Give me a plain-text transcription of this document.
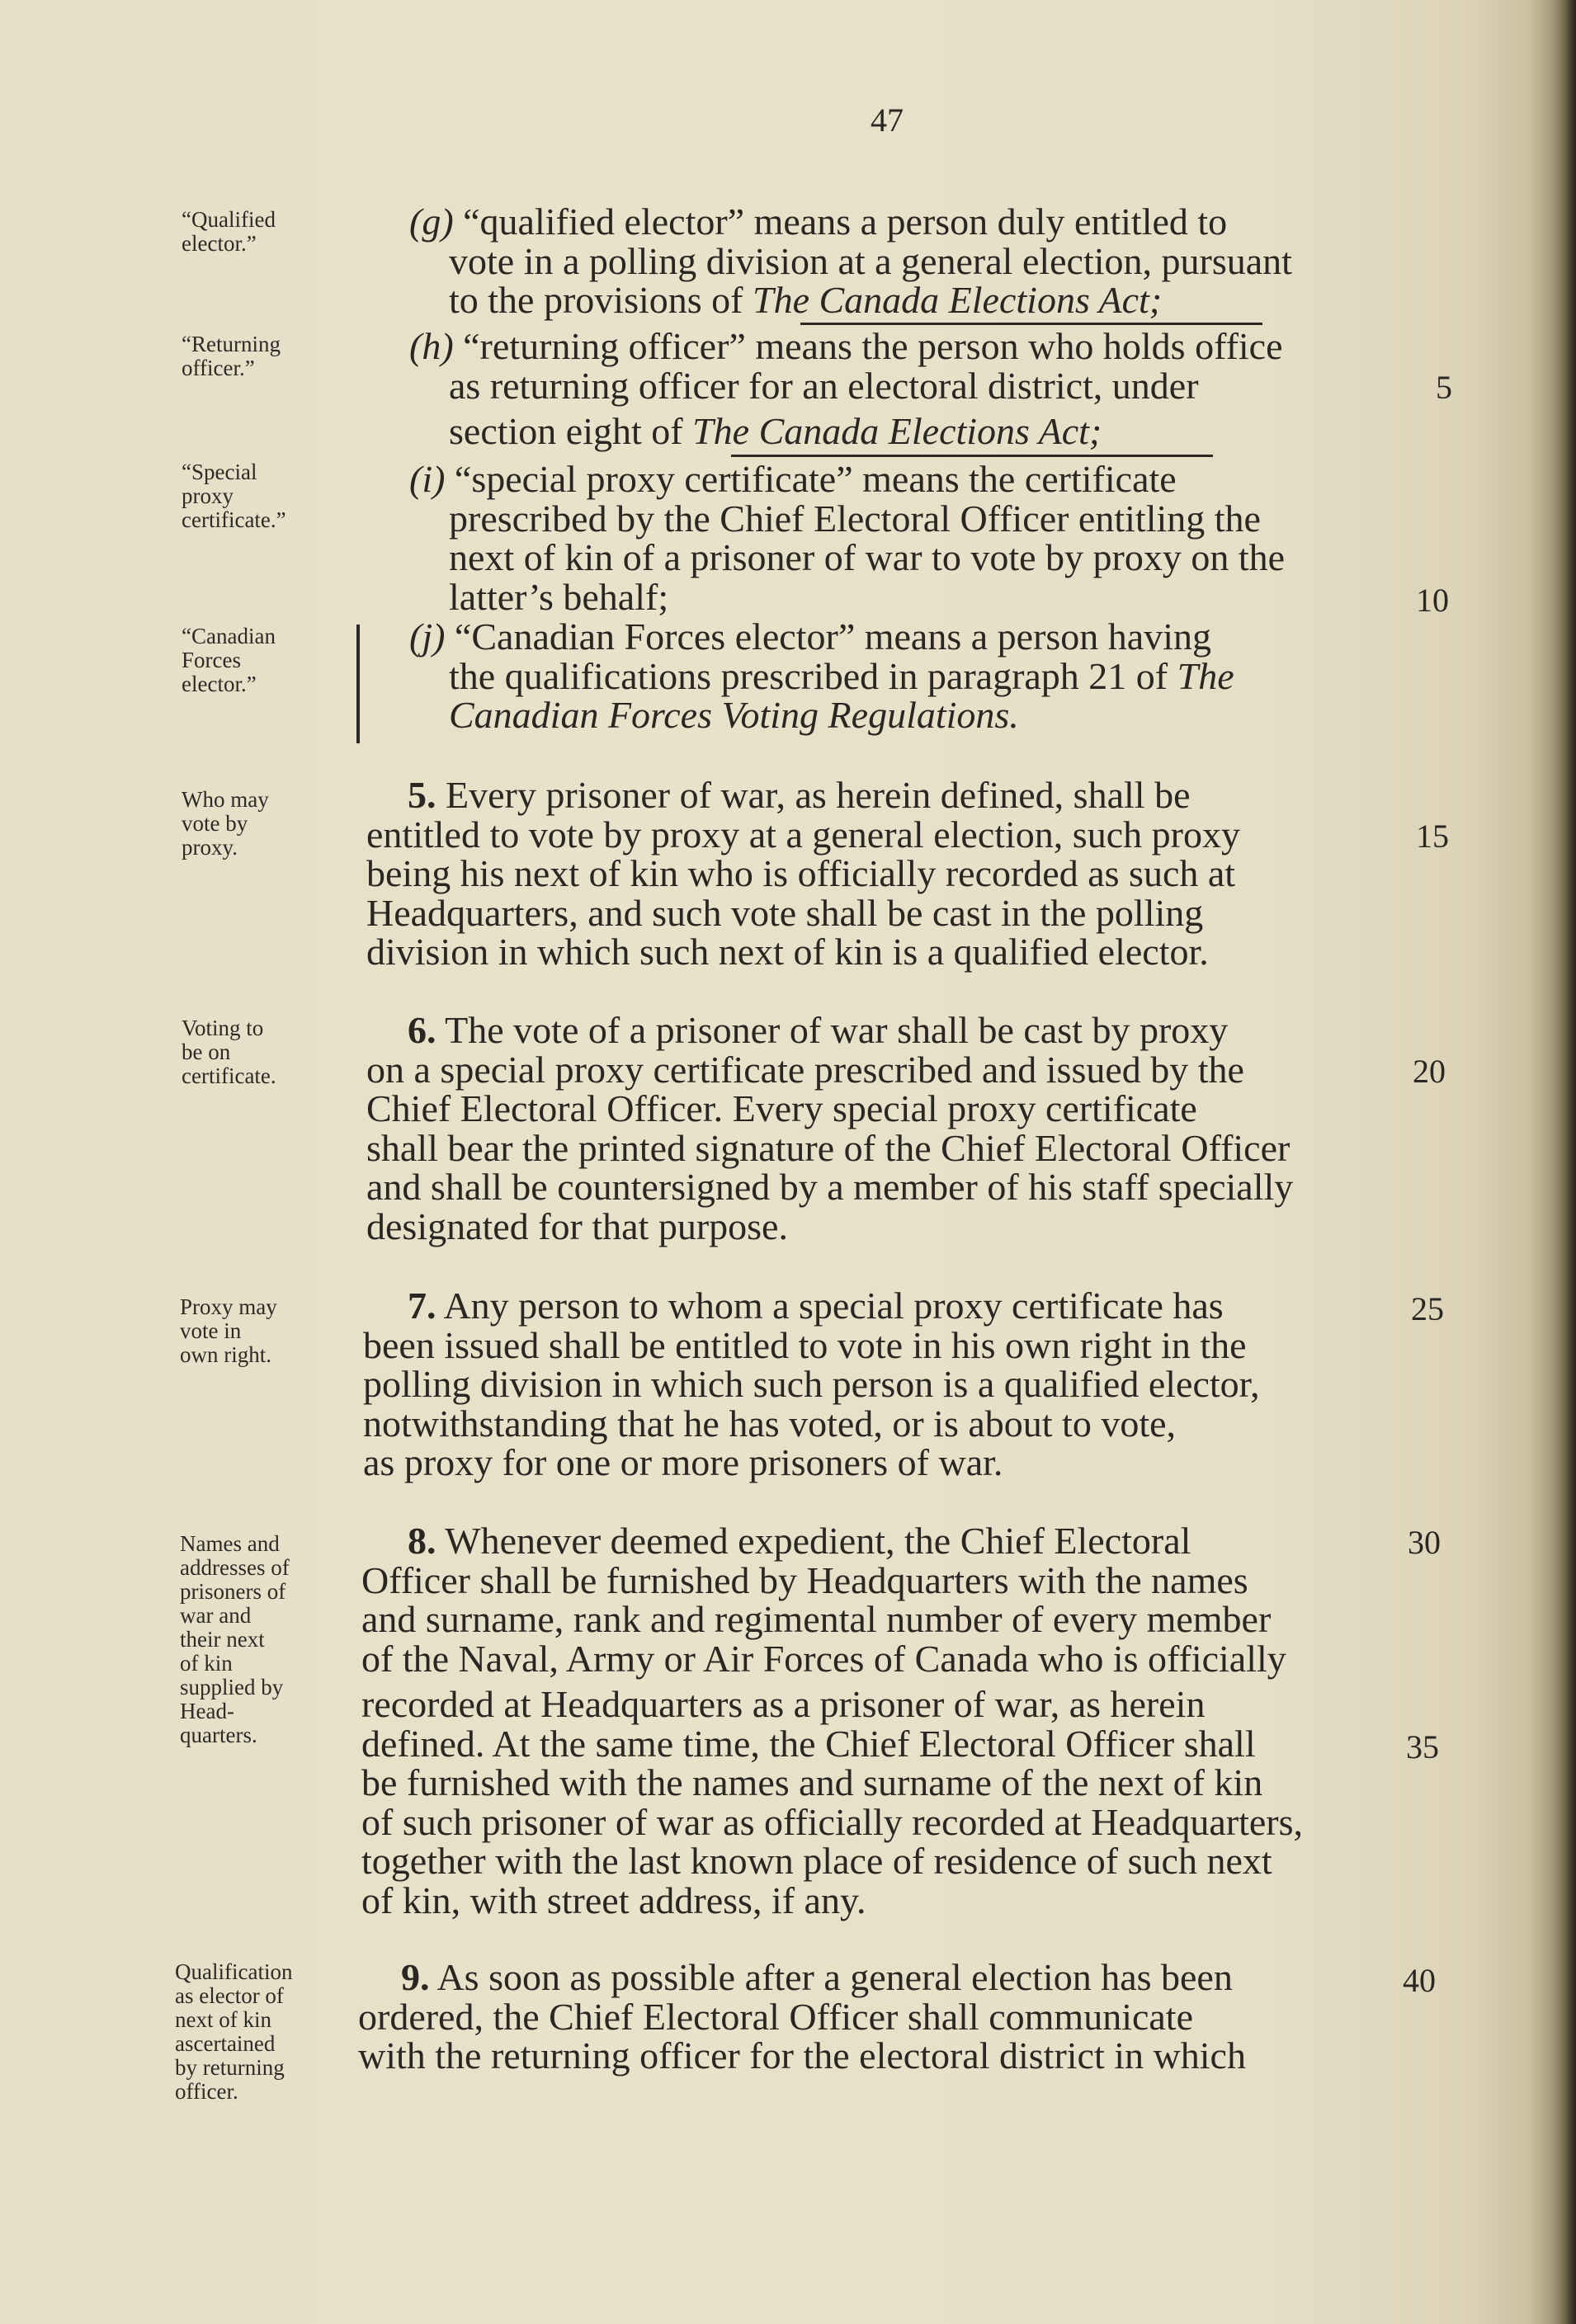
47
“Qualified
elector.”
“Returning
officer.”
“Special
proxy
certificate.”
“Canadian
Forces
elector.”
Who may
vote by
proxy.
Voting to
be on
certificate.
Proxy may
vote in
own right.
Names and
addresses of
prisoners of
war and
their next
of kin
supplied by
Head-
quarters.
Qualification
as elector of
next of kin
ascertained
by returning
officer.
(g) “qualified elector” means a person duly entitled to
vote in a polling division at a general election, pursuant
to the provisions of The Canada Elections Act;
(h) “returning officer” means the person who holds office
as returning officer for an electoral district, under
section eight of The Canada Elections Act;
(i) “special proxy certificate” means the certificate
prescribed by the Chief Electoral Officer entitling the
next of kin of a prisoner of war to vote by proxy on the
latter’s behalf;
(j) “Canadian Forces elector” means a person having
the qualifications prescribed in paragraph 21 of The
Canadian Forces Voting Regulations.
5. Every prisoner of war, as herein defined, shall be
entitled to vote by proxy at a general election, such proxy
being his next of kin who is officially recorded as such at
Headquarters, and such vote shall be cast in the polling
division in which such next of kin is a qualified elector.
6. The vote of a prisoner of war shall be cast by proxy
on a special proxy certificate prescribed and issued by the
Chief Electoral Officer. Every special proxy certificate
shall bear the printed signature of the Chief Electoral Officer
and shall be countersigned by a member of his staff specially
designated for that purpose.
7. Any person to whom a special proxy certificate has
been issued shall be entitled to vote in his own right in the
polling division in which such person is a qualified elector,
notwithstanding that he has voted, or is about to vote,
as proxy for one or more prisoners of war.
8. Whenever deemed expedient, the Chief Electoral
Officer shall be furnished by Headquarters with the names
and surname, rank and regimental number of every member
of the Naval, Army or Air Forces of Canada who is officially
recorded at Headquarters as a prisoner of war, as herein
defined. At the same time, the Chief Electoral Officer shall
be furnished with the names and surname of the next of kin
of such prisoner of war as officially recorded at Headquarters,
together with the last known place of residence of such next
of kin, with street address, if any.
9. As soon as possible after a general election has been
ordered, the Chief Electoral Officer shall communicate
with the returning officer for the electoral district in which
5
10
15
20
25
30
35
40
